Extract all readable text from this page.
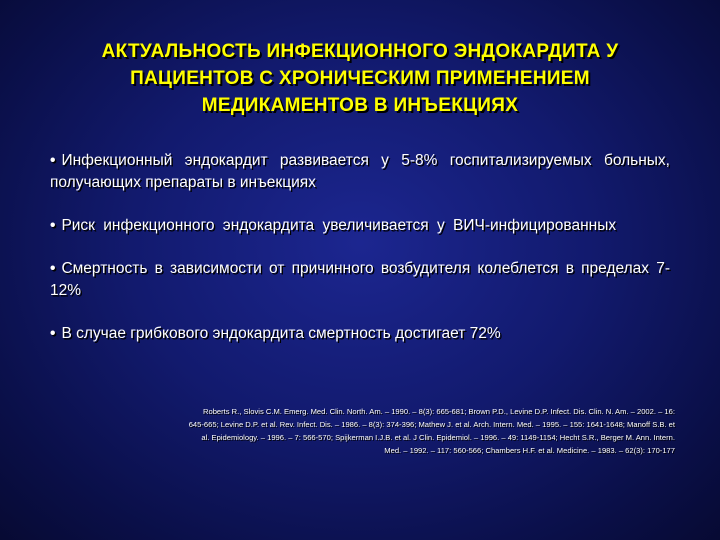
АКТУАЛЬНОСТЬ ИНФЕКЦИОННОГО ЭНДОКАРДИТА У
ПАЦИЕНТОВ С ХРОНИЧЕСКИМ ПРИМЕНЕНИЕМ
МЕДИКАМЕНТОВ В ИНЪЕКЦИЯХ
• Инфекционный эндокардит развивается у 5-8% госпитализируемых больных, получающих препараты в инъекциях
• Риск инфекционного эндокардита увеличивается у ВИЧ-инфицированных
• Смертность в зависимости от причинного возбудителя колеблется в пределах 7-12%
• В случае грибкового эндокардита смертность достигает 72%
Roberts R., Slovis C.M. Emerg. Med. Clin. North. Am. – 1990. – 8(3): 665-681; Brown P.D., Levine D.P. Infect. Dis. Clin. N. Am. – 2002. – 16:
645-665; Levine D.P. et al. Rev. Infect. Dis. – 1986. – 8(3): 374-396; Mathew J. et al. Arch. Intern. Med. – 1995. – 155: 1641-1648; Manoff S.B. et
al. Epidemiology. – 1996. – 7: 566-570; Spijkerman I.J.B. et al. J Clin. Epidemiol. – 1996. – 49: 1149-1154; Hecht S.R., Berger M. Ann. Intern.
Med. – 1992. – 117: 560-566; Chambers H.F. et al. Medicine. – 1983. – 62(3): 170-177
